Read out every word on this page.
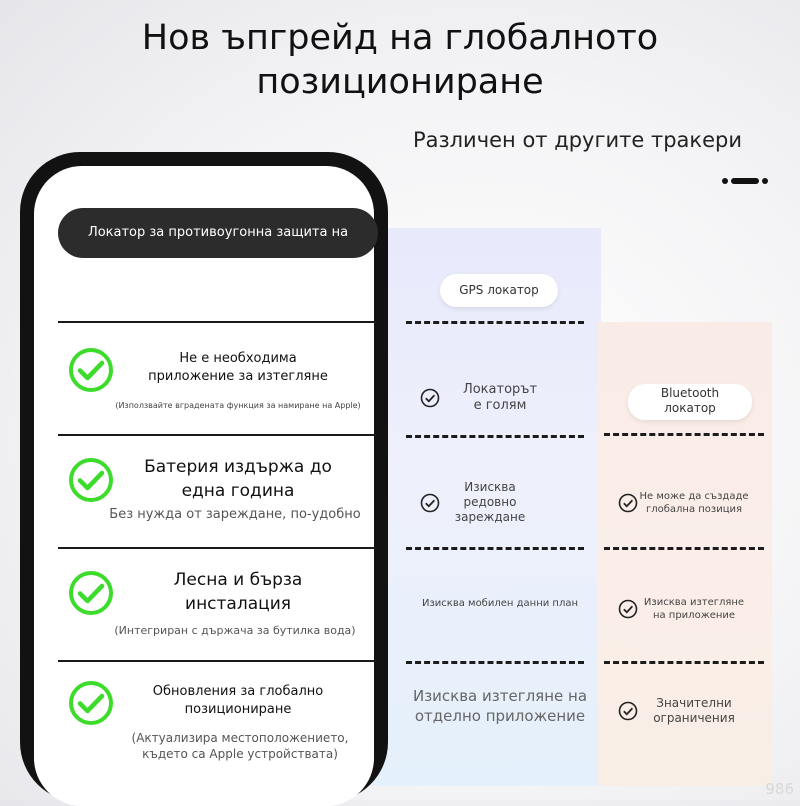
Нов ъпгрейд на глобалното
позициониране
Различен от другите тракери
GPS локатор
Локаторът
е голям
Изисква
редовно
зареждане
Изисква мобилен данни план
Изисква изтегляне на
отделно приложение
Bluetooth
локатор
Не може да създаде
глобална позиция
Изисква изтегляне
на приложение
Значителни
ограничения
Локатор за противоугонна защита на велосипед
Не е необходима
приложение за изтегляне
(Използвайте вградената функция за намиране на Apple)
Батерия издържа до
една година
Без нужда от зареждане, по-удобно
Лесна и бърза
инсталация
(Интегриран с държача за бутилка вода)
Обновления за глобално
позициониране
(Актуализира местоположението,
където са Apple устройствата)
986
